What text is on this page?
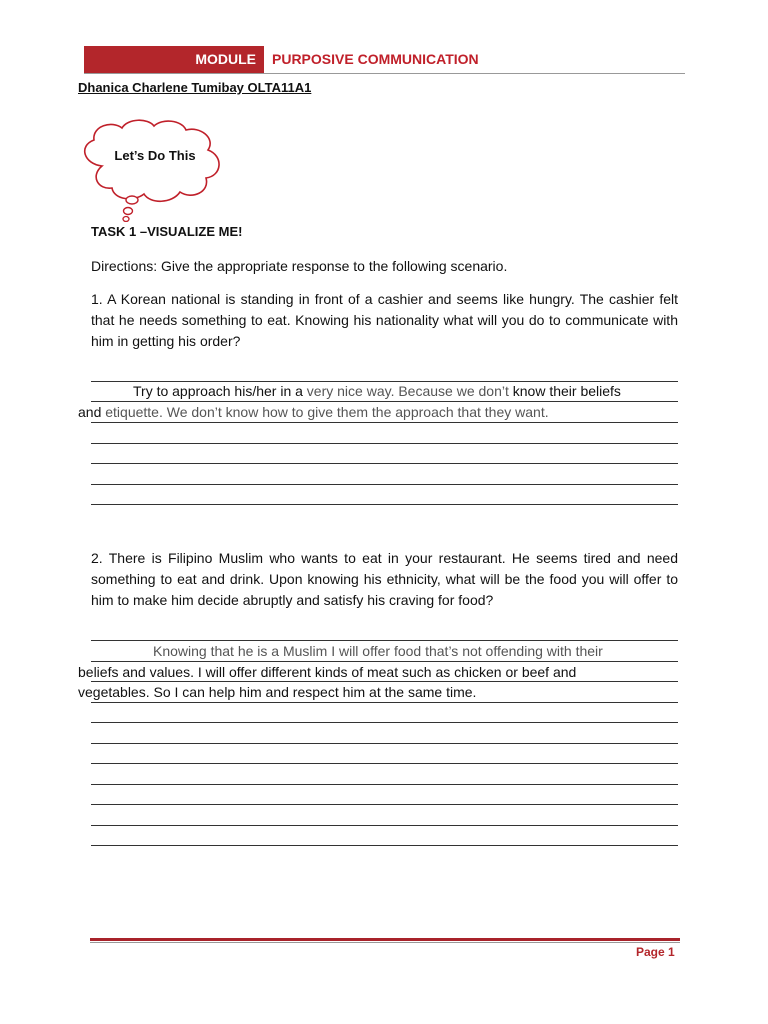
MODULE	PURPOSIVE COMMUNICATION
Dhanica Charlene Tumibay OLTA11A1
Let’s Do This
TASK 1 –VISUALIZE ME!
Directions: Give the appropriate response to the following scenario.
1. A Korean national is standing in front of a cashier and seems like hungry. The cashier felt that he needs something to eat. Knowing his nationality what will you do to communicate with him in getting his order?
Try to approach his/her in a very nice way. Because we don’t know their beliefs
and etiquette. We don’t know how to give them the approach that they want.
2. There is Filipino Muslim who wants to eat in your restaurant. He seems tired and need something to eat and drink. Upon knowing his ethnicity, what will be the food you will offer to him to make him decide abruptly and satisfy his craving for food?
Knowing that he is a Muslim I will offer food that’s not offending with their
beliefs and values. I will offer different kinds of meat such as chicken or beef and
vegetables. So I can help him and respect him at the same time.
Page 1
